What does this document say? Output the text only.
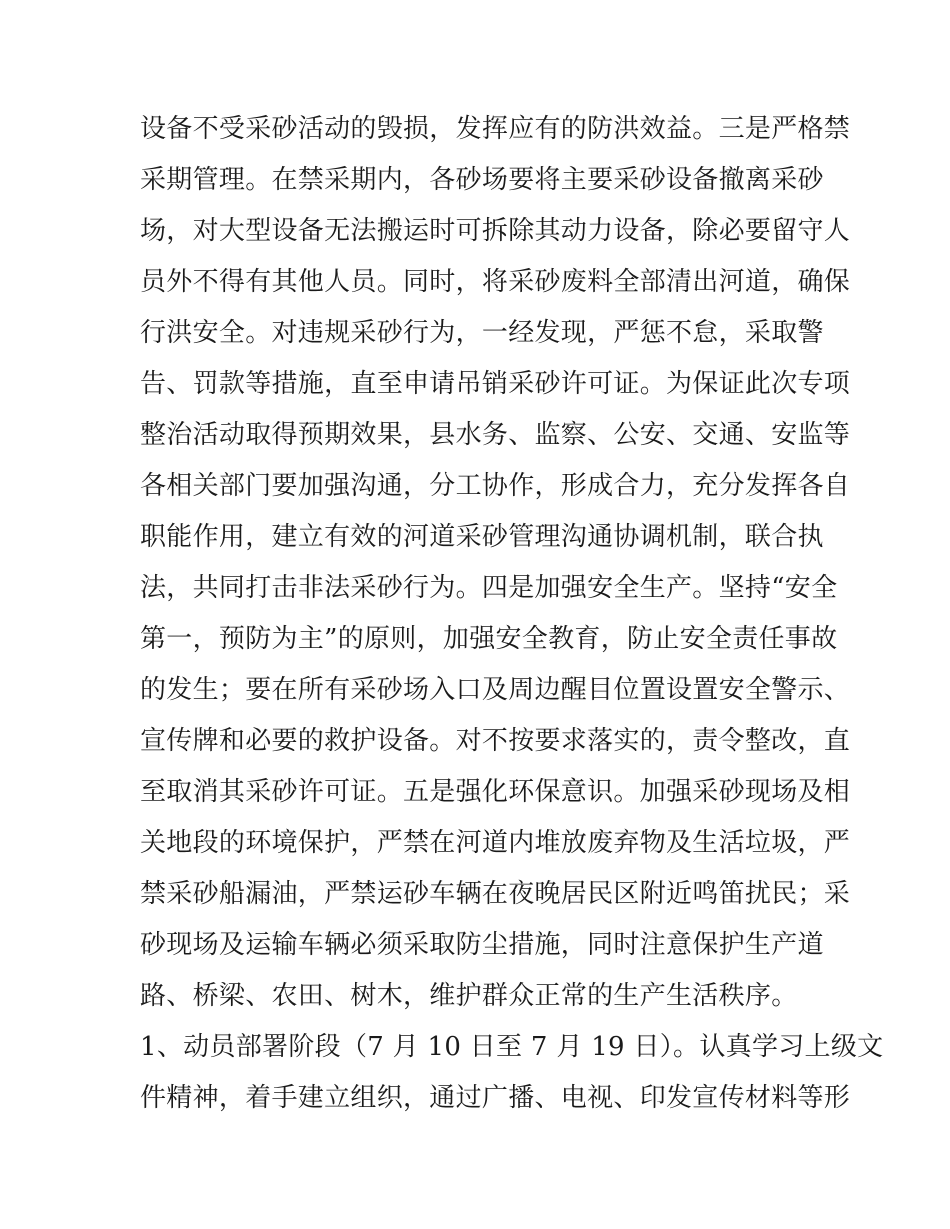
设备不受采砂活动的毁损，发挥应有的防洪效益。三是严格禁
采期管理。在禁采期内，各砂场要将主要采砂设备撤离采砂
场，对大型设备无法搬运时可拆除其动力设备，除必要留守人
员外不得有其他人员。同时，将采砂废料全部清出河道，确保
行洪安全。对违规采砂行为，一经发现，严惩不怠，采取警
告、罚款等措施，直至申请吊销采砂许可证。为保证此次专项
整治活动取得预期效果，县水务、监察、公安、交通、安监等
各相关部门要加强沟通，分工协作，形成合力，充分发挥各自
职能作用，建立有效的河道采砂管理沟通协调机制，联合执
法，共同打击非法采砂行为。四是加强安全生产。坚持“安全
第一，预防为主”的原则，加强安全教育，防止安全责任事故
的发生；要在所有采砂场入口及周边醒目位置设置安全警示、
宣传牌和必要的救护设备。对不按要求落实的，责令整改，直
至取消其采砂许可证。五是强化环保意识。加强采砂现场及相
关地段的环境保护，严禁在河道内堆放废弃物及生活垃圾，严
禁采砂船漏油，严禁运砂车辆在夜晚居民区附近鸣笛扰民；采
砂现场及运输车辆必须采取防尘措施，同时注意保护生产道
路、桥梁、农田、树木，维护群众正常的生产生活秩序。
1、动员部署阶段（7 月 10 日至 7 月 19 日）。认真学习上级文
件精神，着手建立组织，通过广播、电视、印发宣传材料等形
